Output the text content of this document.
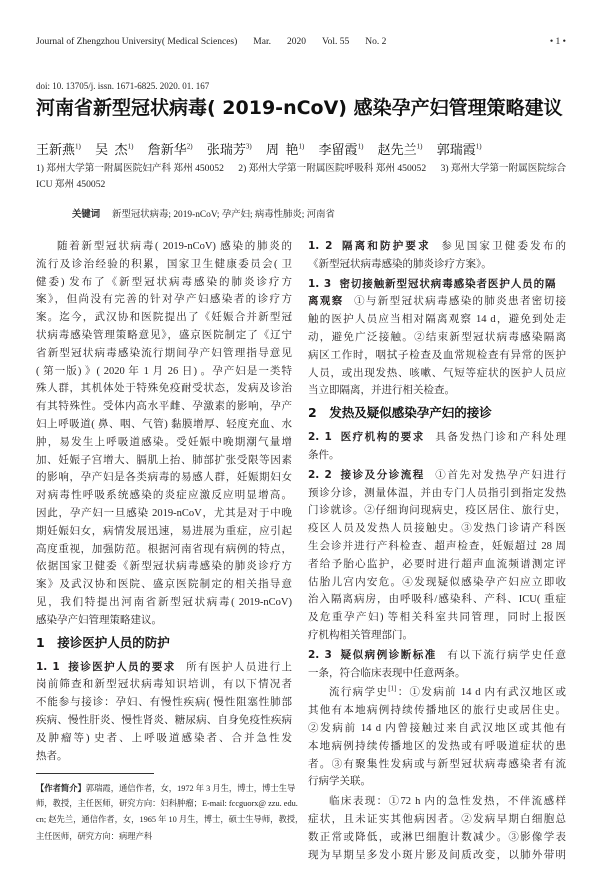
Journal of Zhengzhou University( Medical Sciences) Mar. 2020 Vol. 55 No. 2	• 1 •
doi: 10. 13705/j. issn. 1671-6825. 2020. 01. 167
河南省新型冠状病毒( 2019-nCoV) 感染孕产妇管理策略建议
王新燕$^{1)}$ 吴  杰$^{1)}$ 詹新华$^{2)}$ 张瑞芳$^{3)}$ 周  艳$^{1)}$ 李留霞$^{1)}$ 赵先兰$^{1)}$ 郭瑞霞$^{1)}$
1) 郑州大学第一附属医院妇产科 郑州 450052 2) 郑州大学第一附属医院呼吸科 郑州 450052 3) 郑州大学第一附属医院综合 ICU 郑州 450052
关键词 新型冠状病毒; 2019-nCoV; 孕产妇; 病毒性肺炎; 河南省
随着新型冠状病毒( 2019-nCoV) 感染的肺炎的
流行及诊治经验的积累，国家卫生健康委员会( 卫
健委) 发布了《新型冠状病毒感染的肺炎诊疗方
案》，但尚没有完善的针对孕产妇感染者的诊疗方
案。迄今，武汉协和医院提出了《妊娠合并新型冠
状病毒感染管理策略意见》，盛京医院制定了《辽宁
省新型冠状病毒感染流行期间孕产妇管理指导意见
( 第一版) 》( 2020 年 1 月 26 日) 。孕产妇是一类特
殊人群，其机体处于特殊免疫耐受状态，发病及诊治
有其特殊性。受体内高水平雌、孕激素的影响，孕产
妇上呼吸道( 鼻、咽、气管) 黏膜增厚、轻度充血、水
肿，易发生上呼吸道感染。受妊娠中晚期潮气量增
加、妊娠子宫增大、膈肌上抬、肺部扩张受限等因素
的影响，孕产妇是各类病毒的易感人群，妊娠期妇女
对病毒性呼吸系统感染的炎症应激反应明显增高。
因此，孕产妇一旦感染 2019-nCoV，尤其是对于中晚
期妊娠妇女，病情发展迅速，易进展为重症，应引起
高度重视，加强防范。根据河南省现有病例的特点，
依据国家卫健委《新型冠状病毒感染的肺炎诊疗方
案》及武汉协和医院、盛京医院制定的相关指导意
见，我们特提出河南省新型冠状病毒( 2019-nCoV)
感染孕产妇管理策略建议。
1 接诊医护人员的防护
1. 1 接诊医护人员的要求 所有医护人员进行上
岗前筛查和新型冠状病毒知识培训，有以下情况者
不能参与接诊：孕妇、有慢性疾病( 慢性阻塞性肺部
疾病、慢性肝炎、慢性肾炎、糖尿病、自身免疫性疾病
及肿瘤等) 史者、上呼吸道感染者、合并急性发
热者。
1. 2 隔离和防护要求 参见国家卫健委发布的
《新型冠状病毒感染的肺炎诊疗方案》。
1. 3 密切接触新型冠状病毒感染者医护人员的隔
离观察 ①与新型冠状病毒感染的肺炎患者密切接
触的医护人员应当相对隔离观察 14 d，避免到处走
动，避免广泛接触。②结束新型冠状病毒感染隔离
病区工作时，咽拭子检查及血常规检查有异常的医护
人员，或出现发热、咳嗽、气短等症状的医护人员应
当立即隔离，并进行相关检查。
2 发热及疑似感染孕产妇的接诊
2. 1 医疗机构的要求 具备发热门诊和产科处理
条件。
2. 2 接诊及分诊流程 ①首先对发热孕产妇进行
预诊分诊，测量体温，并由专门人员指引到指定发热
门诊就诊。②仔细询问现病史，疫区居住、旅行史，
疫区人员及发热人员接触史。③发热门诊请产科医
生会诊并进行产科检查、超声检查，妊娠超过 28 周
者给予胎心监护，必要时进行超声血流频谱测定评
估胎儿宫内安危。④发现疑似感染孕产妇应立即收
治入隔离病房，由呼吸科/感染科、产科、ICU( 重症
及危重孕产妇) 等相关科室共同管理，同时上报医
疗机构相关管理部门。
2. 3 疑似病例诊断标准 有以下流行病学史任意
一条，符合临床表现中任意两条。
流行病学史[1]：①发病前 14 d 内有武汉地区或
其他有本地病例持续传播地区的旅行史或居住史。
②发病前 14 d 内曾接触过来自武汉地区或其他有
本地病例持续传播地区的发热或有呼吸道症状的患
者。③有聚集性发病或与新型冠状病毒感染者有流
行病学关联。
临床表现：①72 h 内的急性发热，不伴流感样
症状，且未证实其他病因者。②发病早期白细胞总
数正常或降低，或淋巴细胞计数减少。③影像学表
现为早期呈多发小斑片影及间质改变，以肺外带明
【作者简介】郭瑞霞，通信作者，女，1972 年 3 月生，博士，博士生导
师，教授，主任医师，研究方向：妇科肿瘤；E-mail: fccguorx@ zzu. edu.
cn; 赵先兰，通信作者，女，1965 年 10 月生，博士，硕士生导师，教授，
主任医师，研究方向：病理产科
